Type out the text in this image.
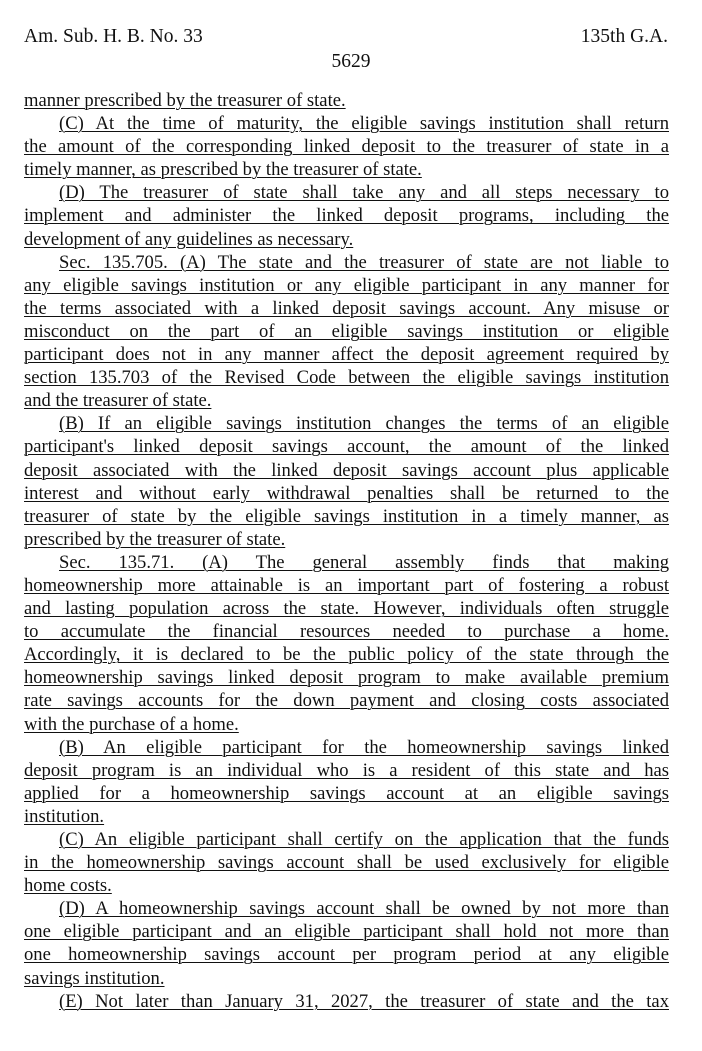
Am. Sub. H. B. No. 33	135th G.A.
5629
manner prescribed by the treasurer of state.
(C) At the time of maturity, the eligible savings institution shall return
the amount of the corresponding linked deposit to the treasurer of state in a
timely manner, as prescribed by the treasurer of state.
(D) The treasurer of state shall take any and all steps necessary to
implement and administer the linked deposit programs, including the
development of any guidelines as necessary.
Sec. 135.705. (A) The state and the treasurer of state are not liable to
any eligible savings institution or any eligible participant in any manner for
the terms associated with a linked deposit savings account. Any misuse or
misconduct on the part of an eligible savings institution or eligible
participant does not in any manner affect the deposit agreement required by
section 135.703 of the Revised Code between the eligible savings institution
and the treasurer of state.
(B) If an eligible savings institution changes the terms of an eligible
participant's linked deposit savings account, the amount of the linked
deposit associated with the linked deposit savings account plus applicable
interest and without early withdrawal penalties shall be returned to the
treasurer of state by the eligible savings institution in a timely manner, as
prescribed by the treasurer of state.
Sec. 135.71. (A) The general assembly finds that making
homeownership more attainable is an important part of fostering a robust
and lasting population across the state. However, individuals often struggle
to accumulate the financial resources needed to purchase a home.
Accordingly, it is declared to be the public policy of the state through the
homeownership savings linked deposit program to make available premium
rate savings accounts for the down payment and closing costs associated
with the purchase of a home.
(B) An eligible participant for the homeownership savings linked
deposit program is an individual who is a resident of this state and has
applied for a homeownership savings account at an eligible savings
institution.
(C) An eligible participant shall certify on the application that the funds
in the homeownership savings account shall be used exclusively for eligible
home costs.
(D) A homeownership savings account shall be owned by not more than
one eligible participant and an eligible participant shall hold not more than
one homeownership savings account per program period at any eligible
savings institution.
(E) Not later than January 31, 2027, the treasurer of state and the tax
